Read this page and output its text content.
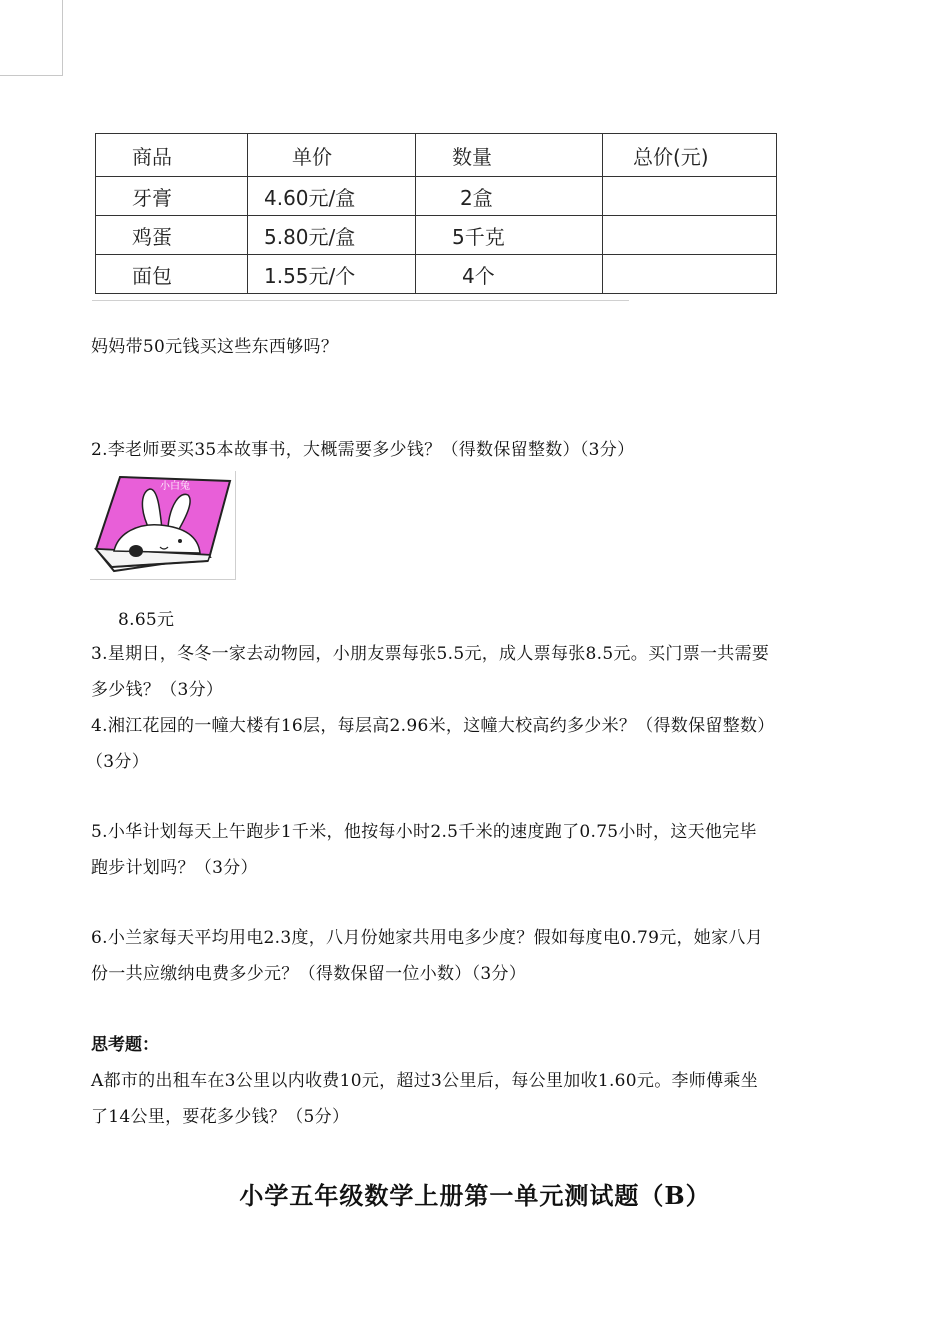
商品	单价	数量	总价(元)
牙膏	4.60元/盒	2盒	
鸡蛋	5.80元/盒	5千克	
面包	1.55元/个	4个	
妈妈带50元钱买这些东西够吗？
2.李老师要买35本故事书，大概需要多少钱？（得数保留整数）（3分）
小白兔
8.65元
3.星期日，冬冬一家去动物园，小朋友票每张5.5元，成人票每张8.5元。买门票一共需要
多少钱？（3分）
4.湘江花园的一幢大楼有16层，每层高2.96米，这幢大校高约多少米？（得数保留整数）
（3分）
5.小华计划每天上午跑步1千米，他按每小时2.5千米的速度跑了0.75小时，这天他完毕
跑步计划吗？（3分）
6.小兰家每天平均用电2.3度，八月份她家共用电多少度？假如每度电0.79元，她家八月
份一共应缴纳电费多少元？（得数保留一位小数）（3分）
思考题：
A都市的出租车在3公里以内收费10元，超过3公里后，每公里加收1.60元。李师傅乘坐
了14公里，要花多少钱？（5分）
小学五年级数学上册第一单元测试题（B）
